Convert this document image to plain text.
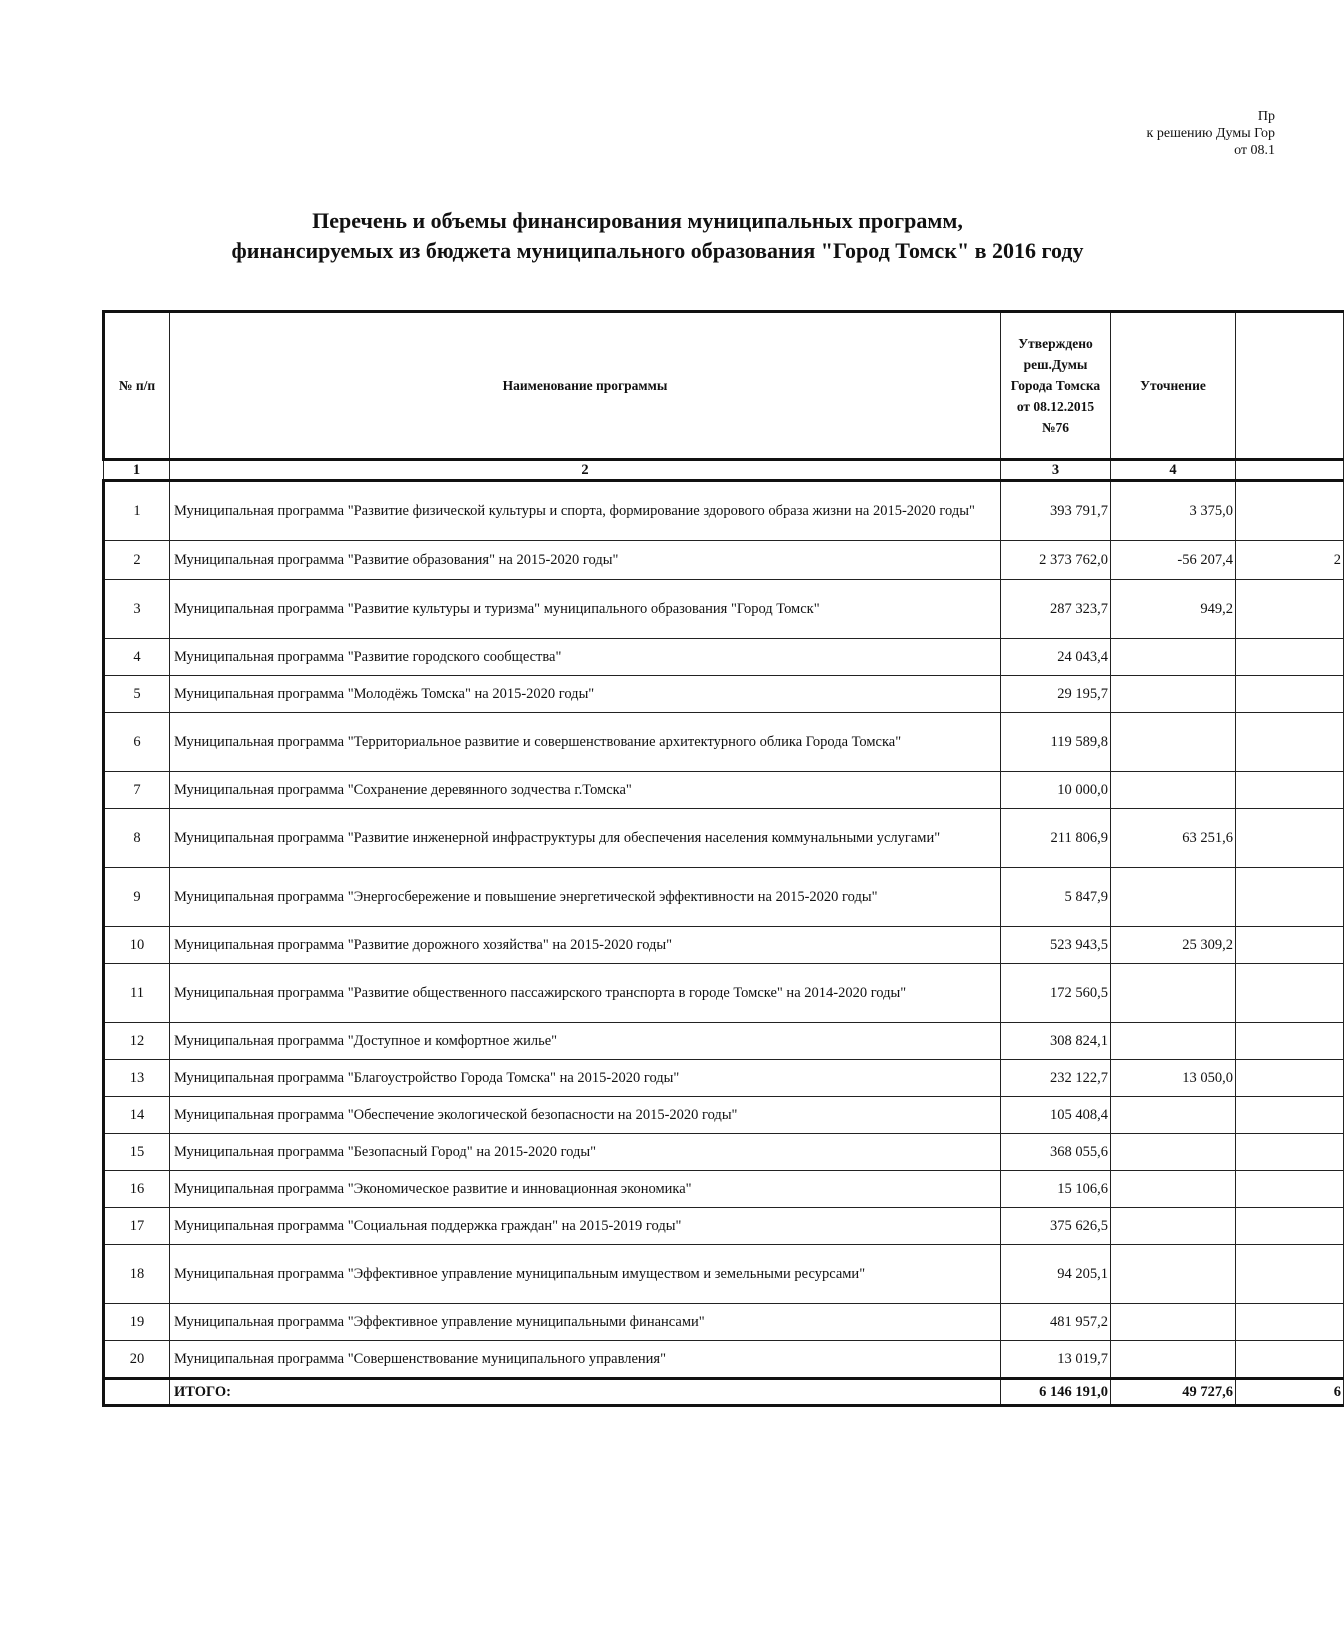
Пр
к решению Думы Гор
от 08.1
Перечень и объемы финансирования муниципальных программ,
финансируемых из бюджета муниципального образования "Город Томск" в 2016 году
№ п/п	Наименование программы	Утверждено реш.Думы Города Томска от 08.12.2015 №76	Уточнение	
1	2	3	4	
1	Муниципальная программа "Развитие физической культуры и спорта, формирование здорового образа жизни на 2015-2020 годы"	393 791,7	3 375,0	
2	Муниципальная программа "Развитие образования" на 2015-2020 годы"	2 373 762,0	-56 207,4	2
3	Муниципальная программа "Развитие культуры и туризма" муниципального образования "Город Томск"	287 323,7	949,2	
4	Муниципальная программа "Развитие городского сообщества"	24 043,4		
5	Муниципальная программа "Молодёжь Томска" на 2015-2020 годы"	29 195,7		
6	Муниципальная программа "Территориальное развитие и совершенствование архитектурного облика Города Томска"	119 589,8		
7	Муниципальная программа "Сохранение деревянного зодчества г.Томска"	10 000,0		
8	Муниципальная программа "Развитие инженерной инфраструктуры для обеспечения населения коммунальными услугами"	211 806,9	63 251,6	
9	Муниципальная программа "Энергосбережение и повышение энергетической эффективности на 2015-2020 годы"	5 847,9		
10	Муниципальная программа "Развитие дорожного хозяйства" на 2015-2020 годы"	523 943,5	25 309,2	
11	Муниципальная программа "Развитие общественного пассажирского транспорта в городе Томске" на 2014-2020 годы"	172 560,5		
12	Муниципальная программа "Доступное и комфортное жилье"	308 824,1		
13	Муниципальная программа "Благоустройство Города Томска" на 2015-2020 годы"	232 122,7	13 050,0	
14	Муниципальная программа "Обеспечение экологической безопасности на 2015-2020 годы"	105 408,4		
15	Муниципальная программа "Безопасный Город" на 2015-2020 годы"	368 055,6		
16	Муниципальная программа "Экономическое развитие и инновационная экономика"	15 106,6		
17	Муниципальная программа "Социальная поддержка граждан" на 2015-2019 годы"	375 626,5		
18	Муниципальная программа "Эффективное управление муниципальным имуществом и земельными ресурсами"	94 205,1		
19	Муниципальная программа "Эффективное управление муниципальными финансами"	481 957,2		
20	Муниципальная программа "Совершенствование муниципального управления"	13 019,7		
	ИТОГО:	6 146 191,0	49 727,6	6
